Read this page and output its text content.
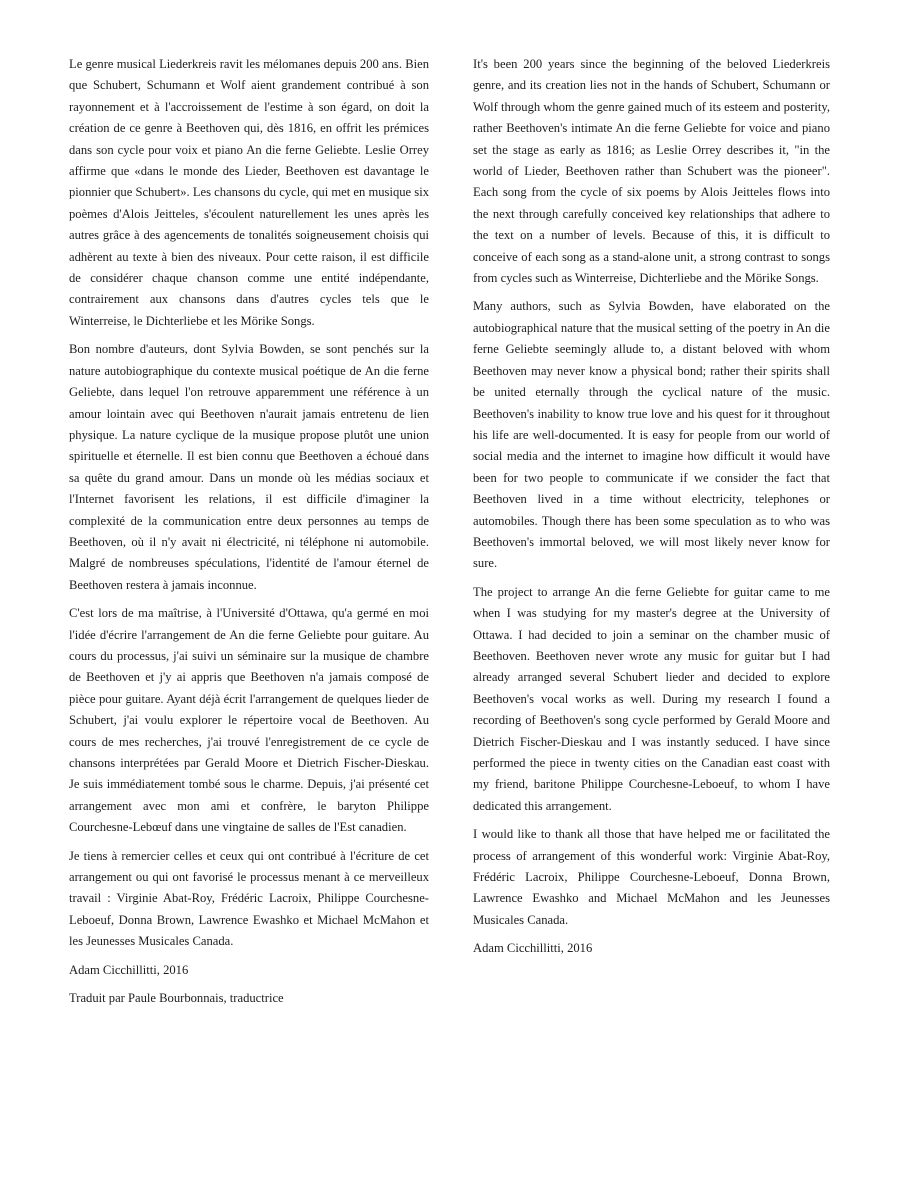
Le genre musical Liederkreis ravit les mélomanes depuis 200 ans. Bien que Schubert, Schumann et Wolf aient grandement contribué à son rayonnement et à l'accroissement de l'estime à son égard, on doit la création de ce genre à Beethoven qui, dès 1816, en offrit les prémices dans son cycle pour voix et piano An die ferne Geliebte. Leslie Orrey affirme que «dans le monde des Lieder, Beethoven est davantage le pionnier que Schubert». Les chansons du cycle, qui met en musique six poèmes d'Alois Jeitteles, s'écoulent naturellement les unes après les autres grâce à des agencements de tonalités soigneusement choisis qui adhèrent au texte à bien des niveaux. Pour cette raison, il est difficile de considérer chaque chanson comme une entité indépendante, contrairement aux chansons dans d'autres cycles tels que le Winterreise, le Dichterliebe et les Mörike Songs.

Bon nombre d'auteurs, dont Sylvia Bowden, se sont penchés sur la nature autobiographique du contexte musical poétique de An die ferne Geliebte, dans lequel l'on retrouve apparemment une référence à un amour lointain avec qui Beethoven n'aurait jamais entretenu de lien physique. La nature cyclique de la musique propose plutôt une union spirituelle et éternelle. Il est bien connu que Beethoven a échoué dans sa quête du grand amour. Dans un monde où les médias sociaux et l'Internet favorisent les relations, il est difficile d'imaginer la complexité de la communication entre deux personnes au temps de Beethoven, où il n'y avait ni électricité, ni téléphone ni automobile. Malgré de nombreuses spéculations, l'identité de l'amour éternel de Beethoven restera à jamais inconnue.

C'est lors de ma maîtrise, à l'Université d'Ottawa, qu'a germé en moi l'idée d'écrire l'arrangement de An die ferne Geliebte pour guitare. Au cours du processus, j'ai suivi un séminaire sur la musique de chambre de Beethoven et j'y ai appris que Beethoven n'a jamais composé de pièce pour guitare. Ayant déjà écrit l'arrangement de quelques lieder de Schubert, j'ai voulu explorer le répertoire vocal de Beethoven. Au cours de mes recherches, j'ai trouvé l'enregistrement de ce cycle de chansons interprétées par Gerald Moore et Dietrich Fischer-Dieskau. Je suis immédiatement tombé sous le charme. Depuis, j'ai présenté cet arrangement avec mon ami et confrère, le baryton Philippe Courchesne-Lebœuf dans une vingtaine de salles de l'Est canadien.

Je tiens à remercier celles et ceux qui ont contribué à l'écriture de cet arrangement ou qui ont favorisé le processus menant à ce merveilleux travail : Virginie Abat-Roy, Frédéric Lacroix, Philippe Courchesne-Leboeuf, Donna Brown, Lawrence Ewashko et Michael McMahon et les Jeunesses Musicales Canada.

Adam Cicchillitti, 2016

Traduit par Paule Bourbonnais, traductrice

It's been 200 years since the beginning of the beloved Liederkreis genre, and its creation lies not in the hands of Schubert, Schumann or Wolf through whom the genre gained much of its esteem and posterity, rather Beethoven's intimate An die ferne Geliebte for voice and piano set the stage as early as 1816; as Leslie Orrey describes it, "in the world of Lieder, Beethoven rather than Schubert was the pioneer". Each song from the cycle of six poems by Alois Jeitteles flows into the next through carefully conceived key relationships that adhere to the text on a number of levels. Because of this, it is difficult to conceive of each song as a stand-alone unit, a strong contrast to songs from cycles such as Winterreise, Dichterliebe and the Mörike Songs.

Many authors, such as Sylvia Bowden, have elaborated on the autobiographical nature that the musical setting of the poetry in An die ferne Geliebte seemingly allude to, a distant beloved with whom Beethoven may never know a physical bond; rather their spirits shall be united eternally through the cyclical nature of the music. Beethoven's inability to know true love and his quest for it throughout his life are well-documented. It is easy for people from our world of social media and the internet to imagine how difficult it would have been for two people to communicate if we consider the fact that Beethoven lived in a time without electricity, telephones or automobiles. Though there has been some speculation as to who was Beethoven's immortal beloved, we will most likely never know for sure.

The project to arrange An die ferne Geliebte for guitar came to me when I was studying for my master's degree at the University of Ottawa. I had decided to join a seminar on the chamber music of Beethoven. Beethoven never wrote any music for guitar but I had already arranged several Schubert lieder and decided to explore Beethoven's vocal works as well. During my research I found a recording of Beethoven's song cycle performed by Gerald Moore and Dietrich Fischer-Dieskau and I was instantly seduced. I have since performed the piece in twenty cities on the Canadian east coast with my friend, baritone Philippe Courchesne-Leboeuf, to whom I have dedicated this arrangement.

I would like to thank all those that have helped me or facilitated the process of arrangement of this wonderful work: Virginie Abat-Roy, Frédéric Lacroix, Philippe Courchesne-Leboeuf, Donna Brown, Lawrence Ewashko and Michael McMahon and les Jeunesses Musicales Canada.

Adam Cicchillitti, 2016
